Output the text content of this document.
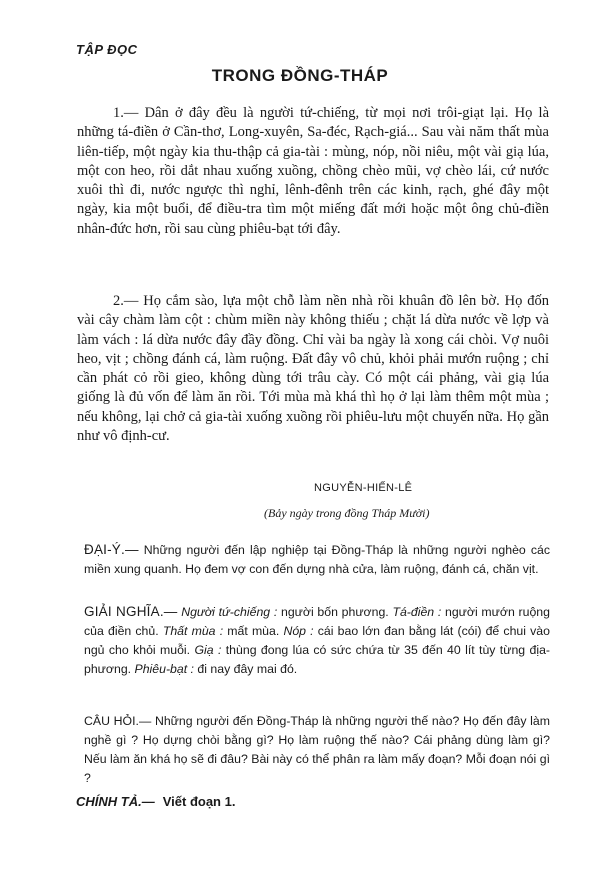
TẬP ĐỌC
TRONG ĐỒNG-THÁP
1.— Dân ở đây đều là người tứ-chiếng, từ mọi nơi trôi-giạt lại. Họ là những tá-điền ở Cần-thơ, Long-xuyên, Sa-đéc, Rạch-giá... Sau vài năm thất mùa liên-tiếp, một ngày kia thu-thập cả gia-tài : mùng, nóp, nồi niêu, một vài giạ lúa, một con heo, rồi dắt nhau xuống xuồng, chồng chèo mũi, vợ chèo lái, cứ nước xuôi thì đi, nước ngược thì nghỉ, lênh-đênh trên các kinh, rạch, ghé đây một ngày, kia một buổi, để điều-tra tìm một miếng đất mới hoặc một ông chủ-điền nhân-đức hơn, rồi sau cùng phiêu-bạt tới đây.
2.— Họ cắm sào, lựa một chỗ làm nền nhà rồi khuân đồ lên bờ. Họ đốn vài cây chàm làm cột : chùm miền này không thiếu ; chặt lá dừa nước về lợp và làm vách : lá dừa nước đây đầy đồng. Chỉ vài ba ngày là xong cái chòi. Vợ nuôi heo, vịt ; chồng đánh cá, làm ruộng. Đất đây vô chủ, khỏi phải mướn ruộng ; chỉ cần phát cỏ rồi gieo, không dùng tới trâu cày. Có một cái phảng, vài giạ lúa giống là đủ vốn để làm ăn rồi. Tới mùa mà khá thì họ ở lại làm thêm một mùa ; nếu không, lại chở cả gia-tài xuống xuồng rồi phiêu-lưu một chuyến nữa. Họ gần như vô định-cư.
NGUYỄN-HIẾN-LÊ
(Bảy ngày trong đồng Tháp Mười)
ĐẠI-Ý.— Những người đến lập nghiệp tại Đồng-Tháp là những người nghèo các miền xung quanh. Họ đem vợ con đến dựng nhà cửa, làm ruộng, đánh cá, chăn vịt.
GIẢI NGHĨA.— Người tứ-chiếng : người bốn phương. Tá-điền : người mướn ruộng của điền chủ. Thất mùa : mất mùa. Nóp : cái bao lớn đan bằng lát (cói) để chui vào ngủ cho khỏi muỗi. Giạ : thùng đong lúa có sức chứa từ 35 đến 40 lít tùy từng địa-phương. Phiêu-bạt : đi nay đây mai đó.
CÂU HỎI.— Những người đến Đồng-Tháp là những người thế nào? Họ đến đây làm nghề gì ? Họ dựng chòi bằng gì? Họ làm ruộng thế nào? Cái phảng dùng làm gì? Nếu làm ăn khá họ sẽ đi đâu? Bài này có thể phân ra làm mấy đoạn? Mỗi đoạn nói gì ?
CHÍNH TẢ.— Viết đoạn 1.
